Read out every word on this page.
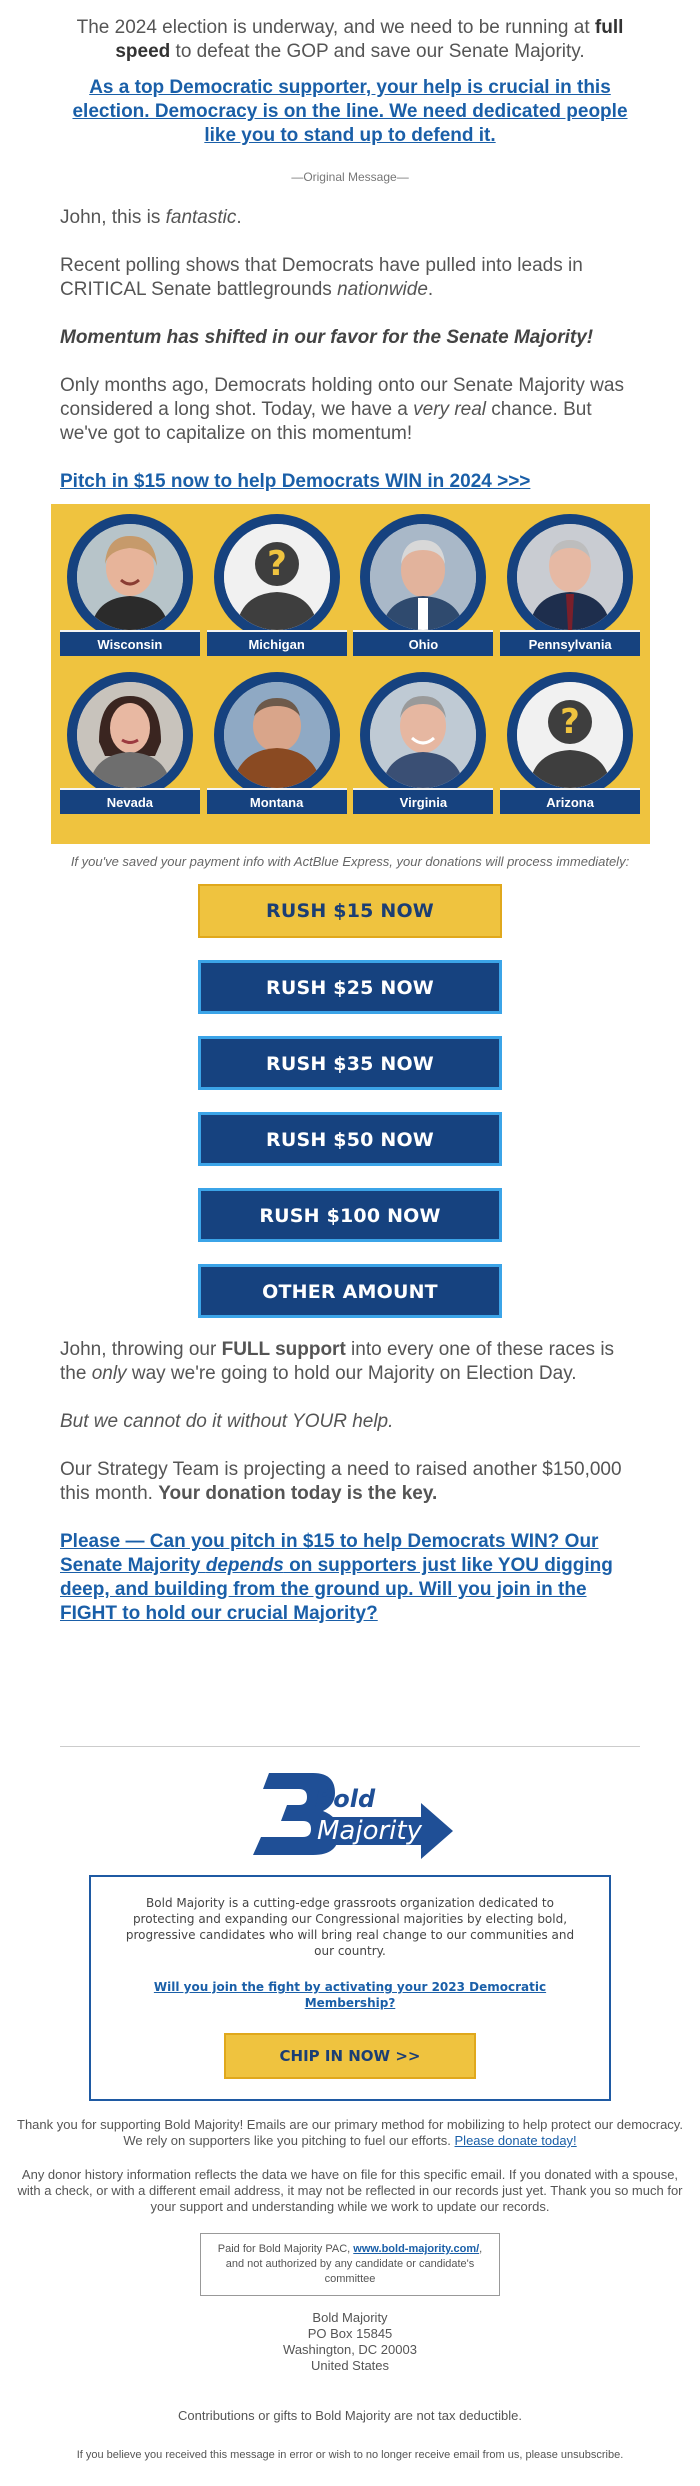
The 2024 election is underway, and we need to be running at full speed to defeat the GOP and save our Senate Majority.

As a top Democratic supporter, your help is crucial in this election. Democracy is on the line. We need dedicated people like you to stand up to defend it.

—Original Message—

John, this is fantastic.

Recent polling shows that Democrats have pulled into leads in CRITICAL Senate battlegrounds nationwide.

Momentum has shifted in our favor for the Senate Majority!

Only months ago, Democrats holding onto our Senate Majority was considered a long shot. Today, we have a very real chance. But we've got to capitalize on this momentum!

Pitch in $15 now to help Democrats WIN in 2024 >>>
Wisconsin
?
Michigan	Ohio	Pennsylvania
Nevada	Montana	Virginia
?
Arizona

If you've saved your payment info with ActBlue Express, your donations will process immediately:

RUSH $15 NOW
RUSH $25 NOW
RUSH $35 NOW
RUSH $50 NOW
RUSH $100 NOW
OTHER AMOUNT

John, throwing our FULL support into every one of these races is the only way we're going to hold our Majority on Election Day.

But we cannot do it without YOUR help.

Our Strategy Team is projecting a need to raised another $150,000 this month. Your donation today is the key.

Please — Can you pitch in $15 to help Democrats WIN? Our Senate Majority depends on supporters just like YOU digging deep, and building from the ground up. Will you join in the FIGHT to hold our crucial Majority?
Bold
Majority

Bold Majority is a cutting-edge grassroots organization dedicated to protecting and expanding our Congressional majorities by electing bold, progressive candidates who will bring real change to our communities and our country.

Will you join the fight by activating your 2023 Democratic Membership?
CHIP IN NOW >>

Thank you for supporting Bold Majority! Emails are our primary method for mobilizing to help protect our democracy. We rely on supporters like you pitching to fuel our efforts. Please donate today!

Any donor history information reflects the data we have on file for this specific email. If you donated with a spouse, with a check, or with a different email address, it may not be reflected in our records just yet. Thank you so much for your support and understanding while we work to update our records.

Paid for Bold Majority PAC, www.bold-majority.com/, and not authorized by any candidate or candidate's committee

Bold Majority

PO Box 15845

Washington, DC 20003

United States

Contributions or gifts to Bold Majority are not tax deductible.

If you believe you received this message in error or wish to no longer receive email from us, please unsubscribe.
